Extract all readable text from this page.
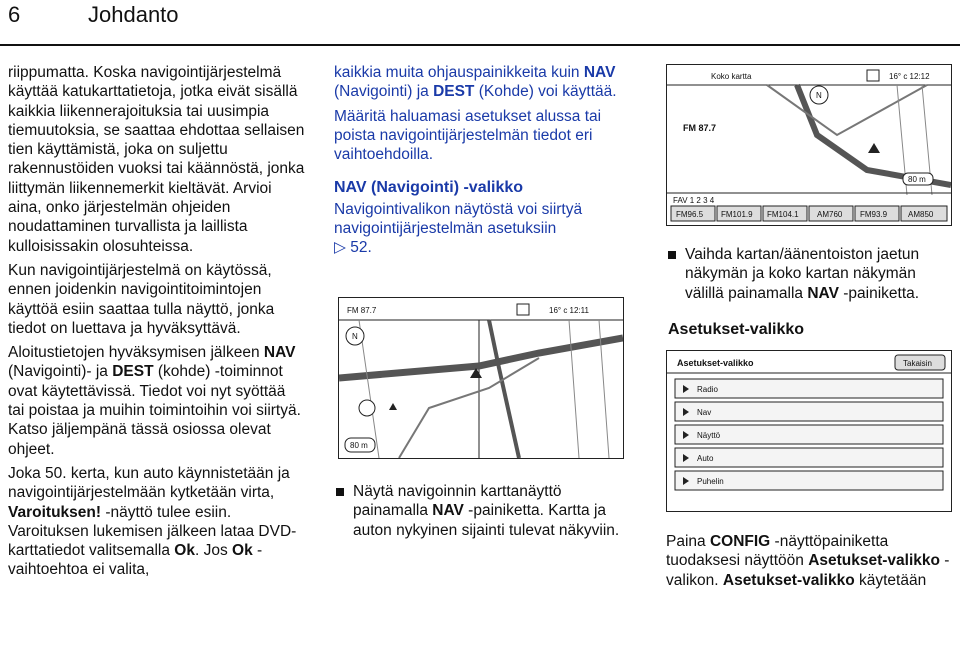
6	Johdanto

riippumatta. Koska navigointijärjestelmä käyttää katukarttatietoja, jotka eivät sisällä kaikkia liikennerajoituksia tai uusimpia tiemuutoksia, se saattaa ehdottaa sellaisen tien käyttämistä, joka on suljettu rakennustöiden vuoksi tai käännöstä, jonka liittymän liikennemerkit kieltävät. Arvioi aina, onko järjestelmän ohjeiden noudattaminen turvallista ja laillista kulloisissakin olosuhteissa.

Kun navigointijärjestelmä on käytössä, ennen joidenkin navigointitoimintojen käyttöä esiin saattaa tulla näyttö, jonka tiedot on luettava ja hyväksyttävä.

Aloitustietojen hyväksymisen jälkeen NAV (Navigointi)- ja DEST (kohde) -toiminnot ovat käytettävissä. Tiedot voi nyt syöttää tai poistaa ja muihin toimintoihin voi siirtyä. Katso jäljempänä tässä osiossa olevat ohjeet.

Joka 50. kerta, kun auto käynnistetään ja navigointijärjestelmään kytketään virta, Varoituksen! -näyttö tulee esiin. Varoituksen lukemisen jälkeen lataa DVD-karttatiedot valitsemalla Ok. Jos Ok -vaihtoehtoa ei valita,

kaikkia muita ohjauspainikkeita kuin NAV (Navigointi) ja DEST (Kohde) voi käyttää.

Määritä haluamasi asetukset alussa tai poista navigointijärjestelmän tiedot eri vaihtoehdoilla.

NAV (Navigointi) -valikko

Navigointivalikon näytöstä voi siirtyä navigointijärjestelmän asetuksiin
▷ 52.

Näytä navigoinnin karttanäyttö painamalla NAV -painiketta. Kartta ja auton nykyinen sijainti tulevat näkyviin.
FM 87.7	16° c 12:11
N
80 m
Koko kartta	16° c 12:12
N
FM 87.7
80 m
FAV 1 2 3 4
FM96.5 FM101.9 FM104.1 AM760 FM93.9	AM850
Vaihda kartan/äänentoiston jaetun näkymän ja koko kartan näkymän välillä painamalla NAV -painiketta.
Asetukset-valikko
Asetukset-valikko	Takaisin
Radio
Nav
Näyttö
Auto
Puhelin

Paina CONFIG -näyttöpainiketta tuodaksesi näyttöön Asetukset-valikko -valikon. Asetukset-valikko käytetään
